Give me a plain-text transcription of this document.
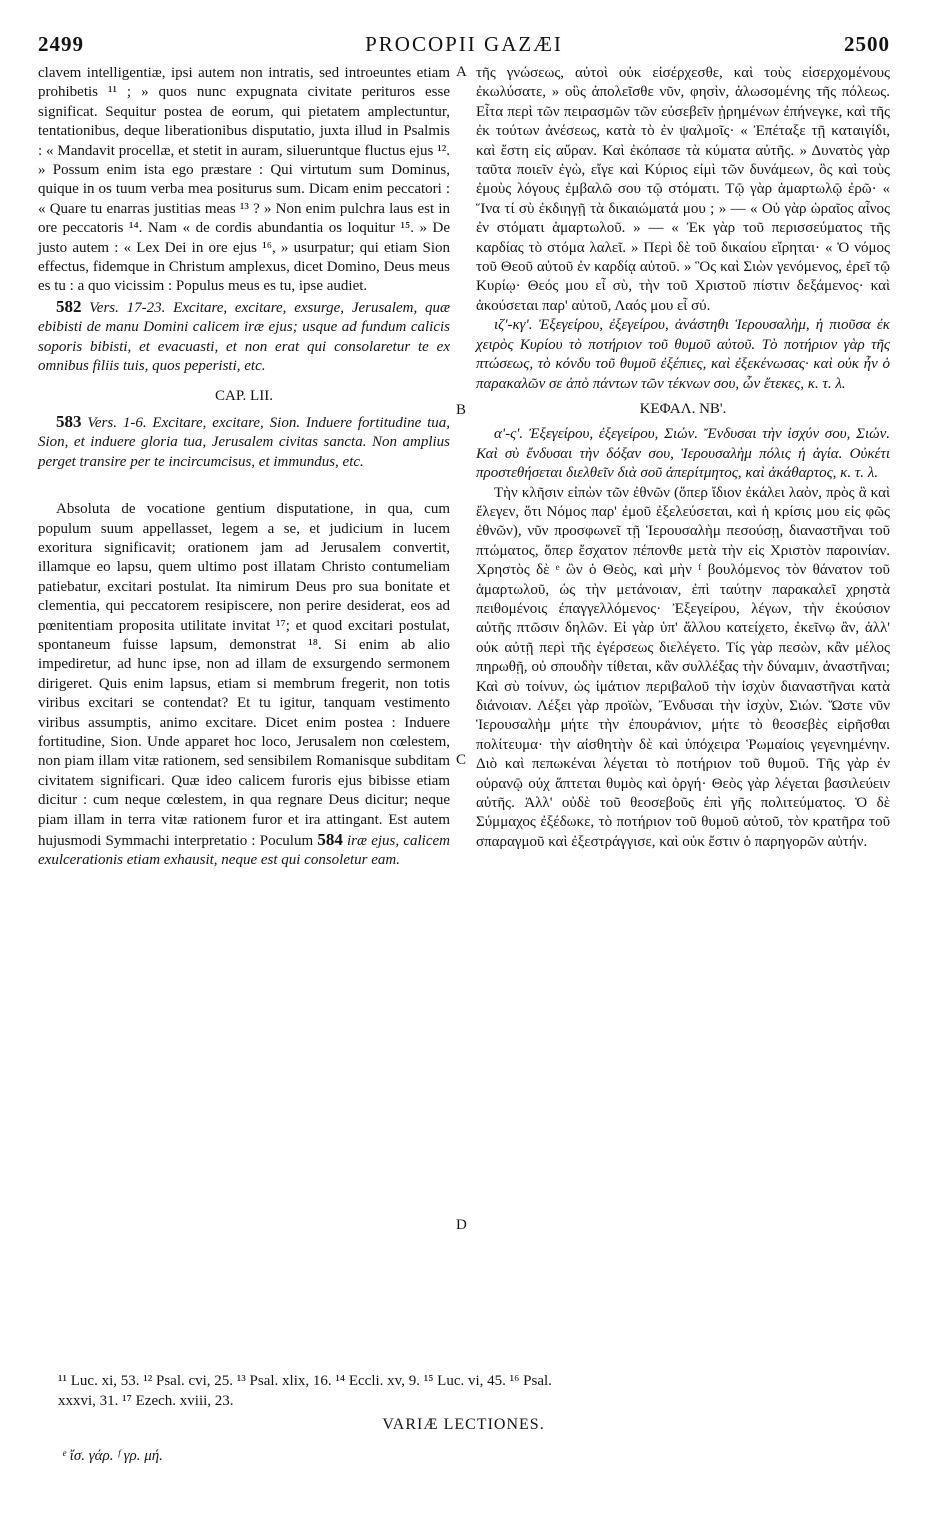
2499	PROCOPII GAZÆI	2500
A
B
C
D

clavem intelligentiæ, ipsi autem non intratis, sed introeuntes etiam prohibetis ¹¹ ; » quos nunc expugnata civitate perituros esse significat. Sequitur postea de eorum, qui pietatem amplectuntur, tentationibus, deque liberationibus disputatio, juxta illud in Psalmis : « Mandavit procellæ, et stetit in auram, silueruntque fluctus ejus ¹². » Possum enim ista ego præstare : Qui virtutum sum Dominus, quique in os tuum verba mea positurus sum. Dicam enim peccatori : « Quare tu enarras justitias meas ¹³ ? » Non enim pulchra laus est in ore peccatoris ¹⁴. Nam « de cordis abundantia os loquitur ¹⁵. » De justo autem : « Lex Dei in ore ejus ¹⁶, » usurpatur; qui etiam Sion effectus, fidemque in Christum amplexus, dicet Domino, Deus meus es tu : a quo vicissim : Populus meus es tu, ipse audiet.

582 Vers. 17-23. Excitare, excitare, exsurge, Jerusalem, quæ ebibisti de manu Domini calicem iræ ejus; usque ad fundum calicis soporis bibisti, et evacuasti, et non erat qui consolaretur te ex omnibus filiis tuis, quos peperisti, etc.

CAP. LII.

583 Vers. 1-6. Excitare, excitare, Sion. Induere fortitudine tua, Sion, et induere gloria tua, Jerusalem civitas sancta. Non amplius perget transire per te incircumcisus, et immundus, etc.

Absoluta de vocatione gentium disputatione, in qua, cum populum suum appellasset, legem a se, et judicium in lucem exoritura significavit; orationem jam ad Jerusalem convertit, illamque eo lapsu, quem ultimo post illatam Christo contumeliam patiebatur, excitari postulat. Ita nimirum Deus pro sua bonitate et clementia, qui peccatorem resipiscere, non perire desiderat, eos ad pœnitentiam proposita utilitate invitat ¹⁷; et quod excitari postulat, spontaneum fuisse lapsum, demonstrat ¹⁸. Si enim ab alio impediretur, ad hunc ipse, non ad illam de exsurgendo sermonem dirigeret. Quis enim lapsus, etiam si membrum fregerit, non totis viribus excitari se contendat? Et tu igitur, tanquam vestimento viribus assumptis, animo excitare. Dicet enim postea : Induere fortitudine, Sion. Unde apparet hoc loco, Jerusalem non cœlestem, non piam illam vitæ rationem, sed sensibilem Romanisque subditam civitatem significari. Quæ ideo calicem furoris ejus bibisse etiam dicitur : cum neque cœlestem, in qua regnare Deus dicitur; neque piam illam in terra vitæ rationem furor et ira attingant. Est autem hujusmodi Symmachi interpretatio : Poculum 584 iræ ejus, calicem exulcerationis etiam exhausit, neque est qui consoletur eam.

τῆς γνώσεως, αὐτοὶ οὐκ εἰσέρχεσθε, καὶ τοὺς εἰσερχομένους ἐκωλύσατε, » οὓς ἀπολεῖσθε νῦν, φησὶν, ἁλωσομένης τῆς πόλεως. Εἶτα περὶ τῶν πειρασμῶν τῶν εὐσεβεῖν ᾑρημένων ἐπήνεγκε, καὶ τῆς ἐκ τούτων ἀνέσεως, κατὰ τὸ ἐν ψαλμοῖς· « Ἐπέταξε τῇ καταιγίδι, καὶ ἔστη εἰς αὔραν. Καὶ ἐκόπασε τὰ κύματα αὐτῆς. » Δυνατὸς γὰρ ταῦτα ποιεῖν ἐγὼ, εἴγε καὶ Κύριος εἰμὶ τῶν δυνάμεων, ὃς καὶ τοὺς ἐμοὺς λόγους ἐμβαλῶ σου τῷ στόματι. Τῷ γὰρ ἁμαρτωλῷ ἐρῶ· « Ἵνα τί σὺ ἐκδιηγῇ τὰ δικαιώματά μου ; » — « Οὐ γὰρ ὡραῖος αἶνος ἐν στόματι ἁμαρτωλοῦ. » — « Ἐκ γὰρ τοῦ περισσεύματος τῆς καρδίας τὸ στόμα λαλεῖ. » Περὶ δὲ τοῦ δικαίου εἴρηται· « Ὁ νόμος τοῦ Θεοῦ αὐτοῦ ἐν καρδίᾳ αὐτοῦ. » Ὃς καὶ Σιὼν γενόμενος, ἐρεῖ τῷ Κυρίῳ· Θεός μου εἶ σὺ, τὴν τοῦ Χριστοῦ πίστιν δεξάμενος· καὶ ἀκούσεται παρ' αὐτοῦ, Λαός μου εἶ σύ.

ιζ'-κγ'. Ἐξεγείρου, ἐξεγείρου, ἀνάστηθι Ἱερουσαλὴμ, ἡ πιοῦσα ἐκ χειρὸς Κυρίου τὸ ποτήριον τοῦ θυμοῦ αὐτοῦ. Τὸ ποτήριον γὰρ τῆς πτώσεως, τὸ κόνδυ τοῦ θυμοῦ ἐξέπιες, καὶ ἐξεκένωσας· καὶ οὐκ ἦν ὁ παρακαλῶν σε ἀπὸ πάντων τῶν τέκνων σου, ὧν ἔτεκες, κ. τ. λ.

ΚΕΦΑΛ. ΝΒ'.

α'-ς'. Ἐξεγείρου, ἐξεγείρου, Σιών. Ἔνδυσαι τὴν ἰσχύν σου, Σιών. Καὶ σὺ ἔνδυσαι τὴν δόξαν σου, Ἱερουσαλὴμ πόλις ἡ ἁγία. Οὐκέτι προστεθήσεται διελθεῖν διὰ σοῦ ἀπερίτμητος, καὶ ἀκάθαρτος, κ. τ. λ.

Τὴν κλῆσιν εἰπὼν τῶν ἐθνῶν (ὅπερ ἴδιον ἐκάλει λαὸν, πρὸς ἃ καὶ ἔλεγεν, ὅτι Νόμος παρ' ἐμοῦ ἐξελεύσεται, καὶ ἡ κρίσις μου εἰς φῶς ἐθνῶν), νῦν προσφωνεῖ τῇ Ἱερουσαλὴμ πεσούσῃ, διαναστῆναι τοῦ πτώματος, ὅπερ ἔσχατον πέπονθε μετὰ τὴν εἰς Χριστὸν παροινίαν. Χρηστὸς δὲ ᵉ ὢν ὁ Θεὸς, καὶ μὴν ᶠ βουλόμενος τὸν θάνατον τοῦ ἁμαρτωλοῦ, ὡς τὴν μετάνοιαν, ἐπὶ ταύτην παρακαλεῖ χρηστὰ πειθομένοις ἐπαγγελλόμενος· Ἐξεγείρου, λέγων, τὴν ἑκούσιον αὐτῆς πτῶσιν δηλῶν. Εἰ γὰρ ὑπ' ἄλλου κατείχετο, ἐκεῖνῳ ἂν, ἀλλ' οὐκ αὐτῇ περὶ τῆς ἐγέρσεως διελέγετο. Τίς γὰρ πεσὼν, κἂν μέλος πηρωθῇ, οὐ σπουδὴν τίθεται, κἂν συλλέξας τὴν δύναμιν, ἀναστῆναι; Καὶ σὺ τοίνυν, ὡς ἱμάτιον περιβαλοῦ τὴν ἰσχὺν διαναστῆναι κατὰ διάνοιαν. Λέξει γὰρ προϊὼν, Ἔνδυσαι τὴν ἰσχὺν, Σιών. Ὥστε νῦν Ἱερουσαλὴμ μήτε τὴν ἐπουράνιον, μήτε τὸ θεοσεβὲς εἰρῆσθαι πολίτευμα· τὴν αἰσθητὴν δὲ καὶ ὑπόχειρα Ῥωμαίοις γεγενημένην. Διὸ καὶ πεπωκέναι λέγεται τὸ ποτήριον τοῦ θυμοῦ. Τῆς γὰρ ἐν οὐρανῷ οὐχ ἅπτεται θυμὸς καὶ ὀργή· Θεὸς γὰρ λέγεται βασιλεύειν αὐτῆς. Ἀλλ' οὐδὲ τοῦ θεοσεβοῦς ἐπὶ γῆς πολιτεύματος. Ὁ δὲ Σύμμαχος ἐξέδωκε, τὸ ποτήριον τοῦ θυμοῦ αὐτοῦ, τὸν κρατῆρα τοῦ σπαραγμοῦ καὶ ἐξεστράγγισε, καὶ οὐκ ἔστιν ὁ παρηγορῶν αὐτήν.

¹¹ Luc. xi, 53. ¹² Psal. cvi, 25. ¹³ Psal. xlix, 16. ¹⁴ Eccli. xv, 9. ¹⁵ Luc. vi, 45. ¹⁶ Psal.
xxxvi, 31. ¹⁷ Ezech. xviii, 23.
VARIÆ LECTIONES.
ᵉ ἴσ. γάρ. ᶠ γρ. μή.
